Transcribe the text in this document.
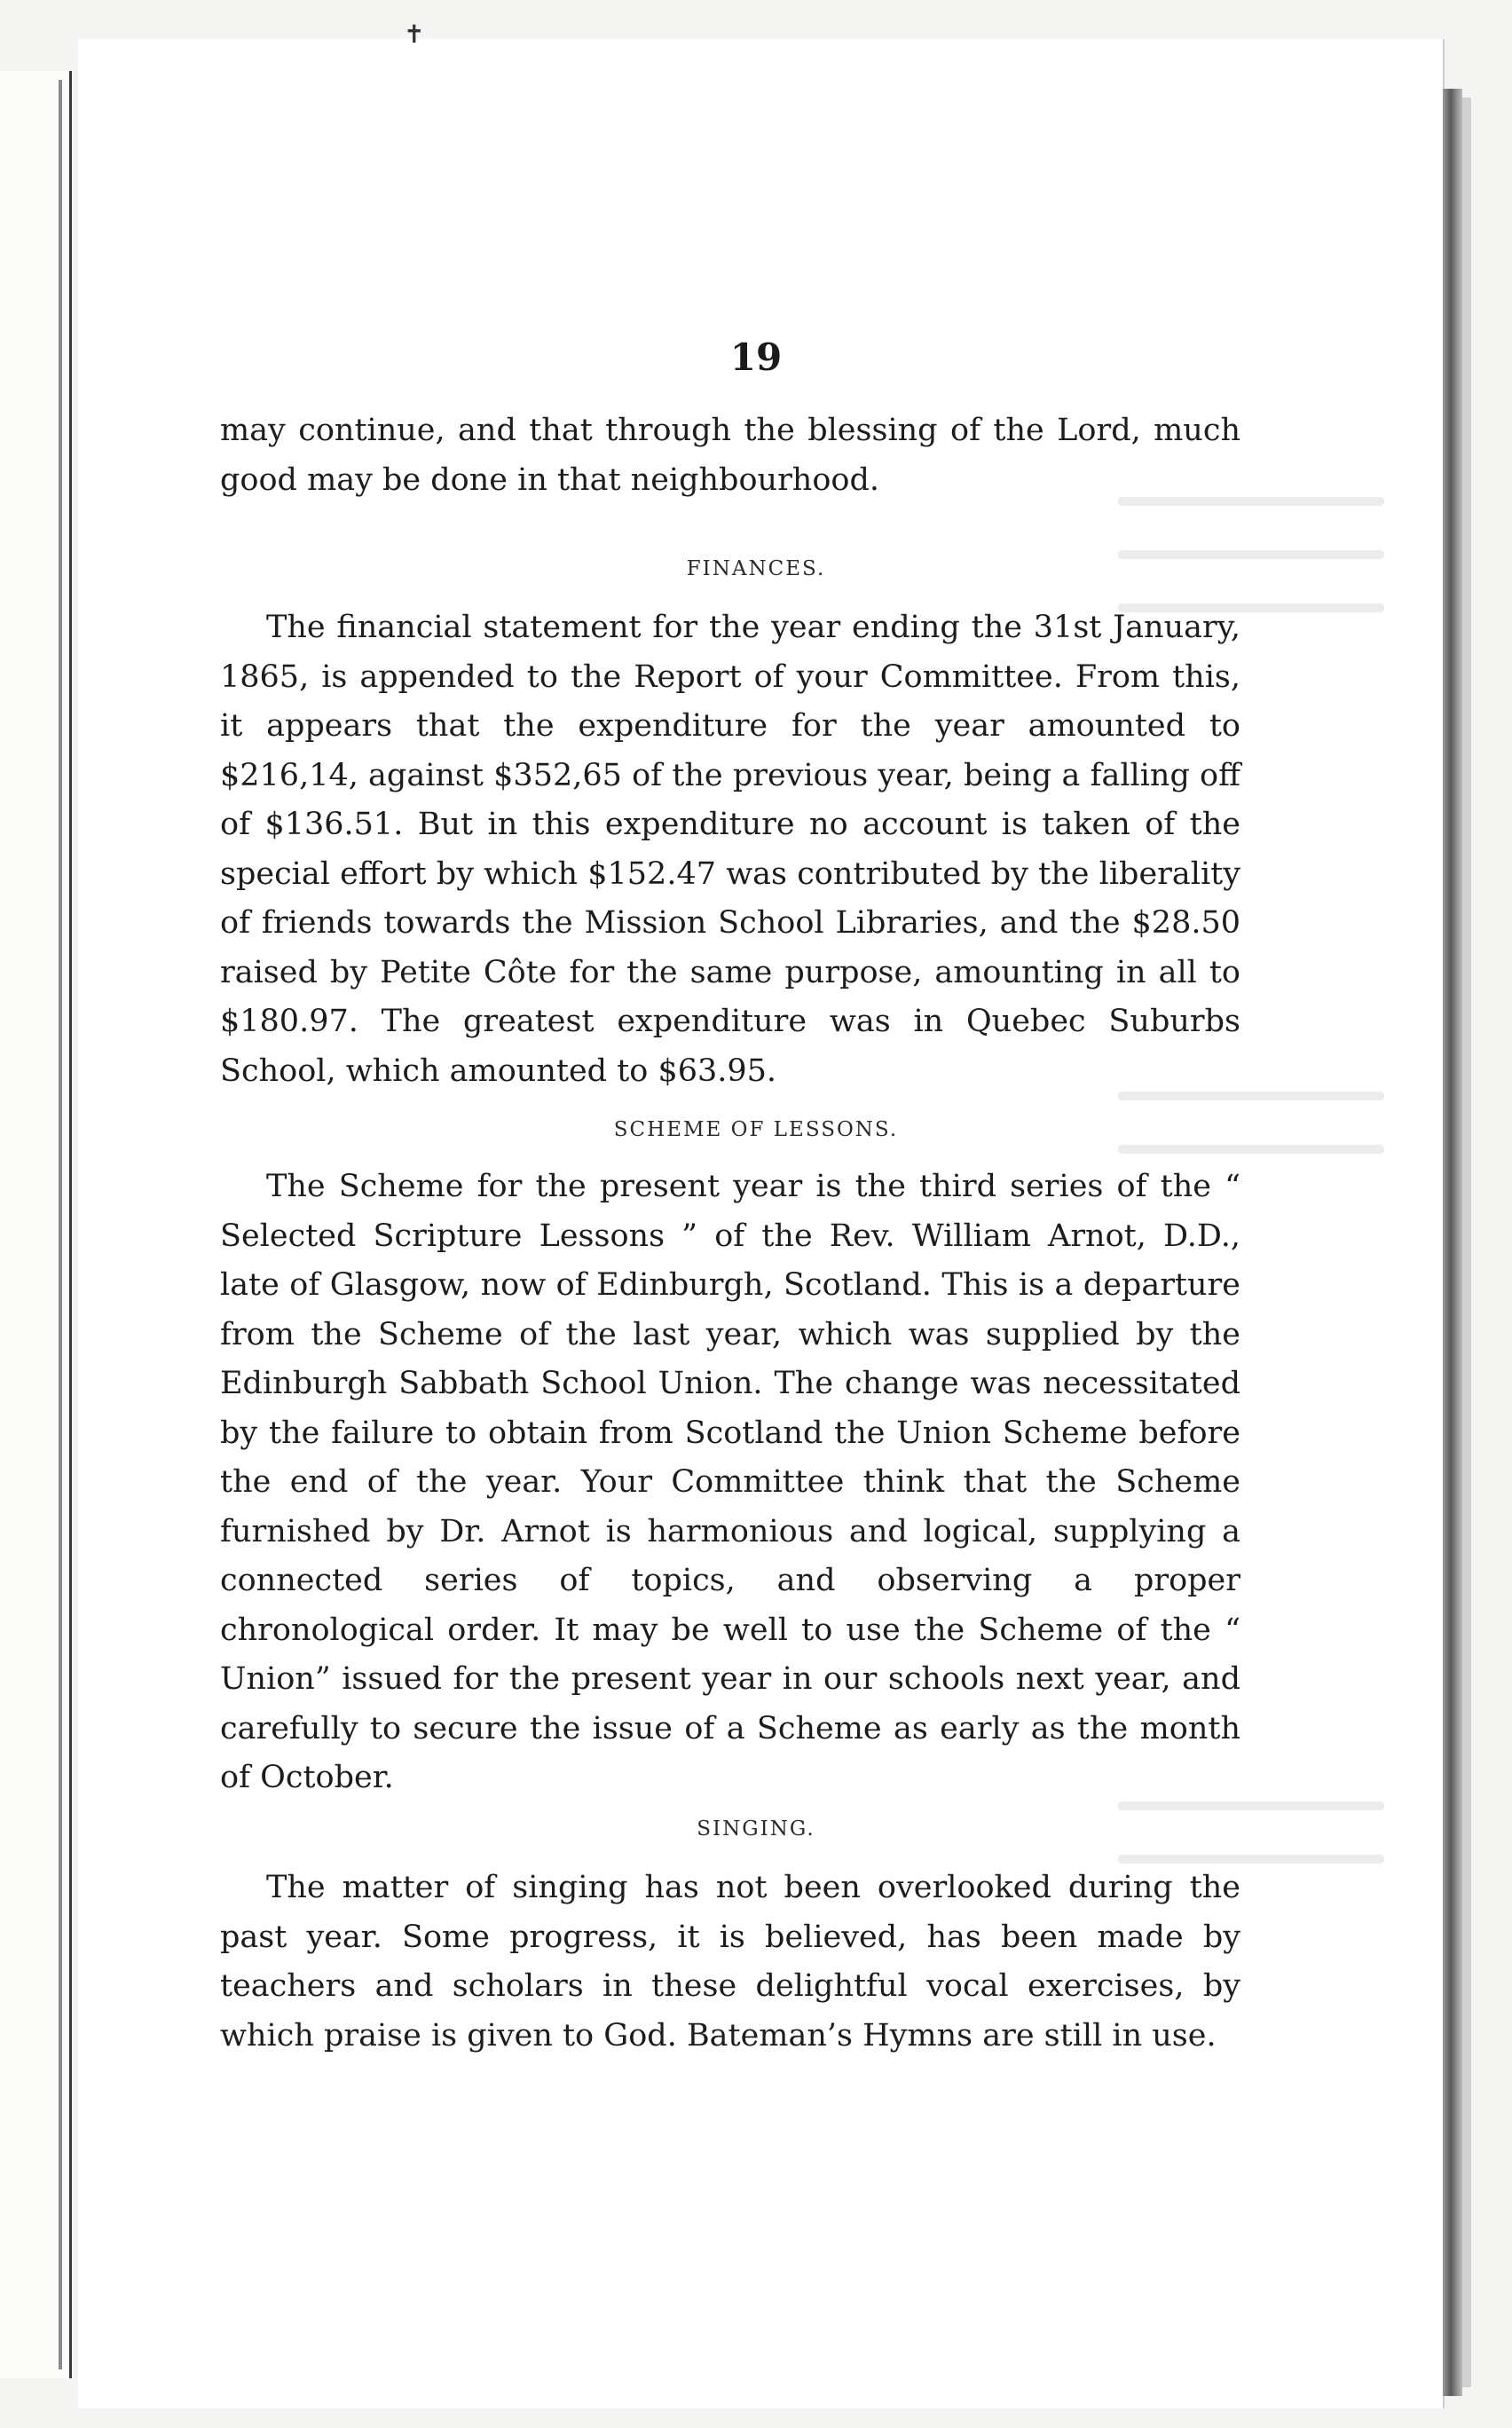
✝
19

may continue, and that through the blessing of the Lord, much good may be done in that neighbourhood.

FINANCES.

The financial statement for the year ending the 31st January, 1865, is appended to the Report of your Committee. From this, it appears that the expenditure for the year amounted to $216,14, against $352,65 of the previous year, being a falling off of $136.51. But in this expenditure no account is taken of the special effort by which $152.47 was contributed by the liberality of friends towards the Mission School Libraries, and the $28.50 raised by Petite Côte for the same purpose, amounting in all to $180.97. The greatest expenditure was in Quebec Suburbs School, which amounted to $63.95.

SCHEME OF LESSONS.

The Scheme for the present year is the third series of the “ Selected Scripture Lessons ” of the Rev. William Arnot, D.D., late of Glasgow, now of Edinburgh, Scotland. This is a departure from the Scheme of the last year, which was supplied by the Edinburgh Sabbath School Union. The change was necessitated by the failure to obtain from Scotland the Union Scheme before the end of the year. Your Committee think that the Scheme furnished by Dr. Arnot is harmonious and logical, supplying a connected series of topics, and observing a proper chronological order. It may be well to use the Scheme of the “ Union” issued for the present year in our schools next year, and carefully to secure the issue of a Scheme as early as the month of October.

SINGING.

The matter of singing has not been overlooked during the past year. Some progress, it is believed, has been made by teachers and scholars in these delightful vocal exercises, by which praise is given to God. Bateman’s Hymns are still in use.
